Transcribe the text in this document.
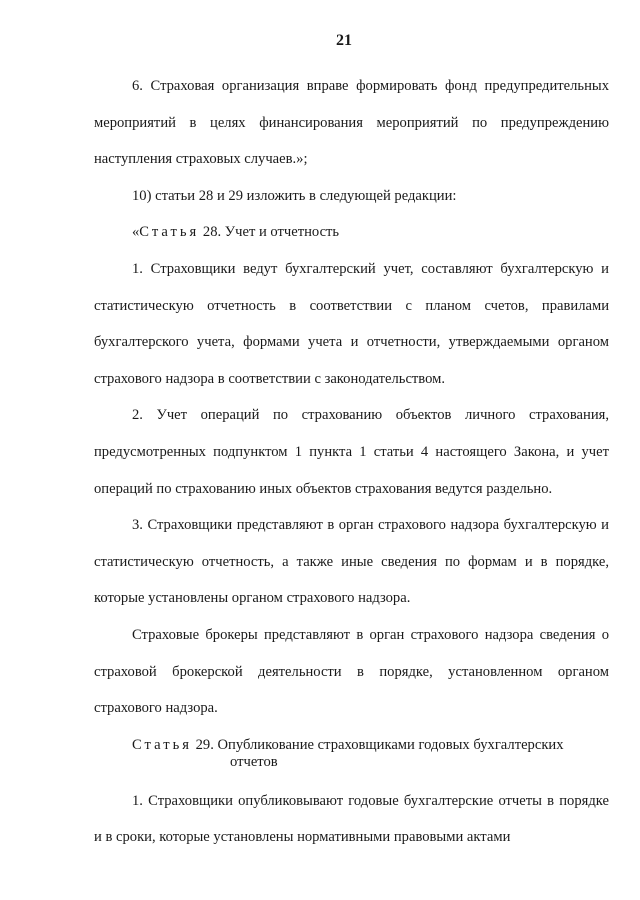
21

6. Страховая организация вправе формировать фонд предупредительных мероприятий в целях финансирования мероприятий по предупреждению наступления страховых случаев.»;

10) статьи 28 и 29 изложить в следующей редакции:

«Статья 28. Учет и отчетность

1. Страховщики ведут бухгалтерский учет, составляют бухгалтерскую и статистическую отчетность в соответствии с планом счетов, правилами бухгалтерского учета, формами учета и отчетности, утверждаемыми органом страхового надзора в соответствии с законодательством.

2. Учет операций по страхованию объектов личного страхования, предусмотренных подпунктом 1 пункта 1 статьи 4 настоящего Закона, и учет операций по страхованию иных объектов страхования ведутся раздельно.

3. Страховщики представляют в орган страхового надзора бухгалтерскую и статистическую отчетность, а также иные сведения по формам и в порядке, которые установлены органом страхового надзора.

Страховые брокеры представляют в орган страхового надзора сведения о страховой брокерской деятельности в порядке, установленном органом страхового надзора.

Статья 29. Опубликование страховщиками годовых бухгалтерских
отчетов

1. Страховщики опубликовывают годовые бухгалтерские отчеты в порядке и в сроки, которые установлены нормативными правовыми актами
